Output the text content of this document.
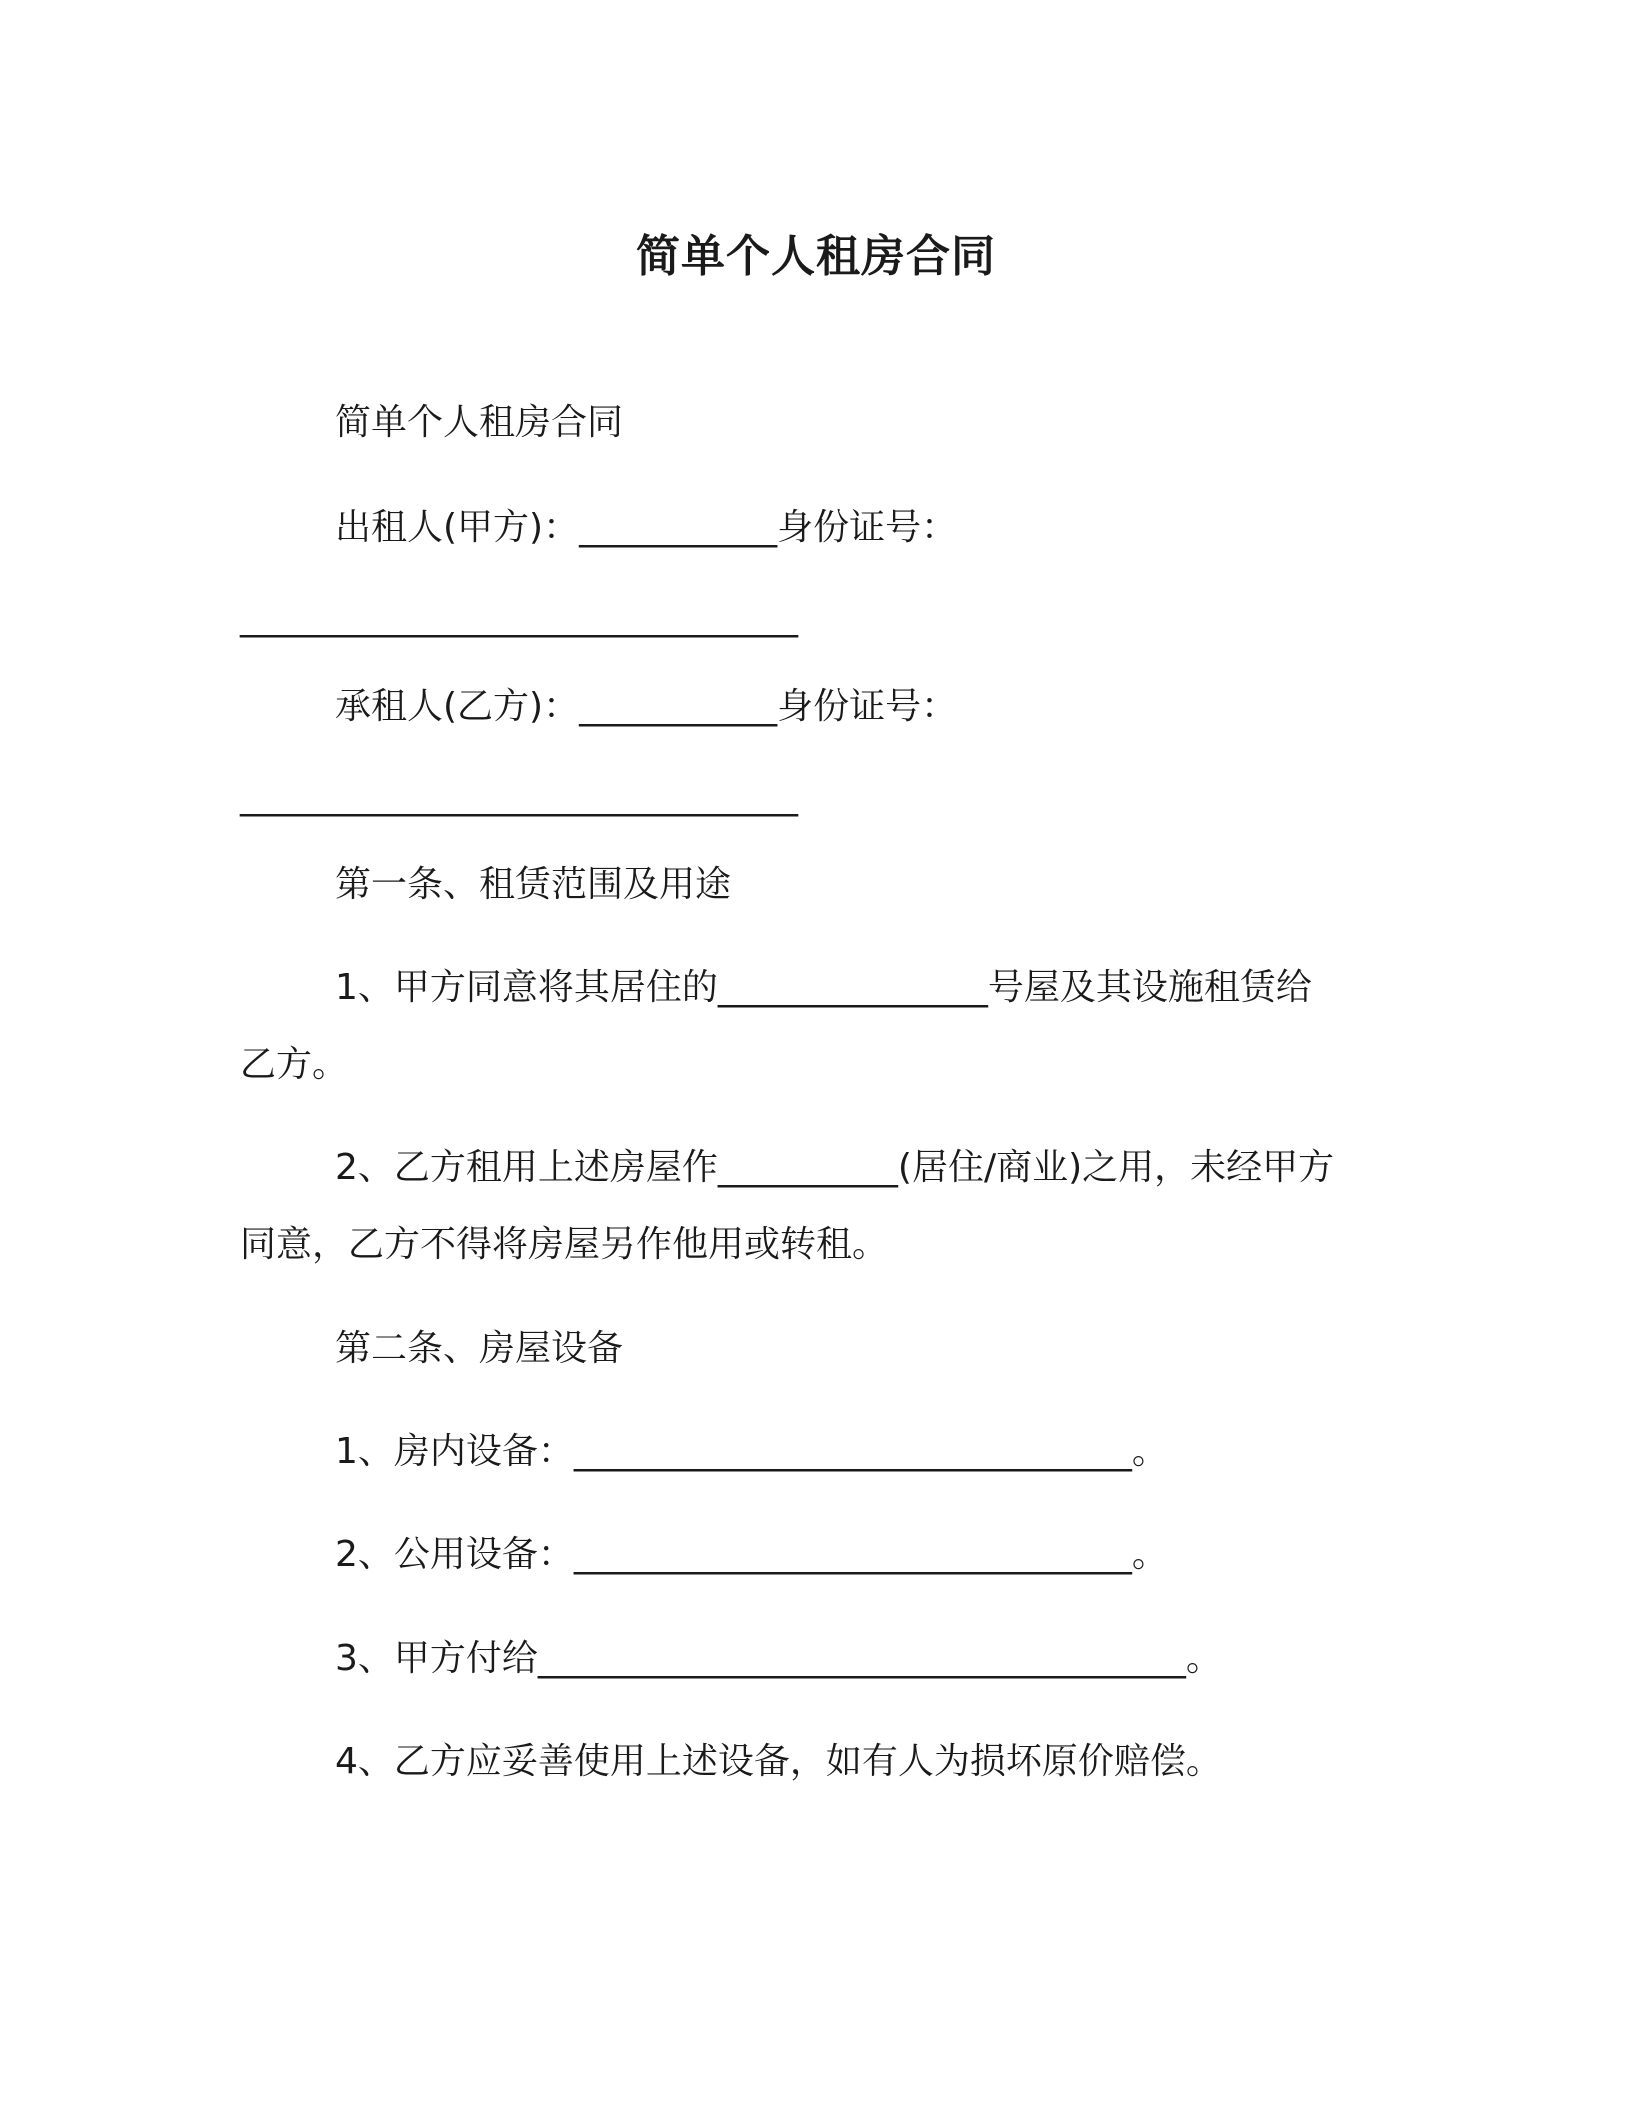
简单个人租房合同

简单个人租房合同

出租人(甲方)：___________身份证号：

_______________________________

承租人(乙方)：___________身份证号：

_______________________________

第一条、租赁范围及用途

1、甲方同意将其居住的_______________号屋及其设施租赁给

乙方。

2、乙方租用上述房屋作__________(居住/商业)之用，未经甲方

同意，乙方不得将房屋另作他用或转租。

第二条、房屋设备

1、房内设备：_______________________________。

2、公用设备：_______________________________。

3、甲方付给____________________________________。

4、乙方应妥善使用上述设备，如有人为损坏原价赔偿。
